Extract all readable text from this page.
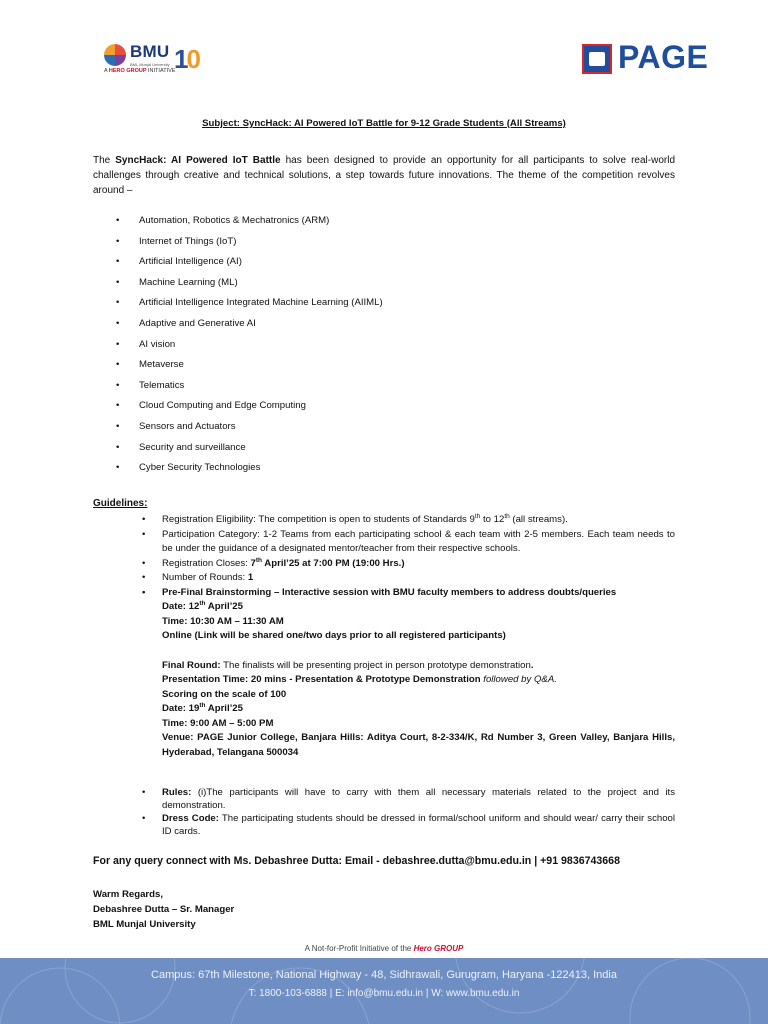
BMU
BML Munjal University
A HERO GROUP INITIATIVE
10	PAGE
Subject: SyncHack: AI Powered IoT Battle for 9-12 Grade Students (All Streams)
The SyncHack: AI Powered IoT Battle has been designed to provide an opportunity for all participants to solve real-world challenges through creative and technical solutions, a step towards future innovations. The theme of the competition revolves around –
• Automation, Robotics & Mechatronics (ARM)
• Internet of Things (IoT)
• Artificial Intelligence (AI)
• Machine Learning (ML)
• Artificial Intelligence Integrated Machine Learning (AIIML)
• Adaptive and Generative AI
• AI vision
• Metaverse
• Telematics
• Cloud Computing and Edge Computing
• Sensors and Actuators
• Security and surveillance
• Cyber Security Technologies
Guidelines:
• Registration Eligibility: The competition is open to students of Standards 9th to 12th (all streams).
• Participation Category: 1-2 Teams from each participating school & each team with 2-5 members. Each team needs to be under the guidance of a designated mentor/teacher from their respective schools.
• Registration Closes: 7th April’25 at 7:00 PM (19:00 Hrs.)
• Number of Rounds: 1
• Pre-Final Brainstorming – Interactive session with BMU faculty members to address doubts/queries
Date: 12th April’25
Time: 10:30 AM – 11:30 AM
Online (Link will be shared one/two days prior to all registered participants)
Final Round: The finalists will be presenting project in person prototype demonstration.
Presentation Time: 20 mins - Presentation & Prototype Demonstration followed by Q&A.
Scoring on the scale of 100
Date: 19th April’25
Time: 9:00 AM – 5:00 PM
Venue: PAGE Junior College, Banjara Hills: Aditya Court, 8-2-334/K, Rd Number 3, Green Valley, Banjara Hills, Hyderabad, Telangana 500034
• Rules: (i)The participants will have to carry with them all necessary materials related to the project and its demonstration.
• Dress Code: The participating students should be dressed in formal/school uniform and should wear/ carry their school ID cards.
For any query connect with Ms. Debashree Dutta: Email - debashree.dutta@bmu.edu.in | +91 9836743668
Warm Regards,
Debashree Dutta – Sr. Manager
BML Munjal University
A Not-for-Profit Initiative of the Hero GROUP
Campus: 67th Milestone, National Highway - 48, Sidhrawali, Gurugram, Haryana -122413, India
T: 1800-103-6888 | E: info@bmu.edu.in | W: www.bmu.edu.in
